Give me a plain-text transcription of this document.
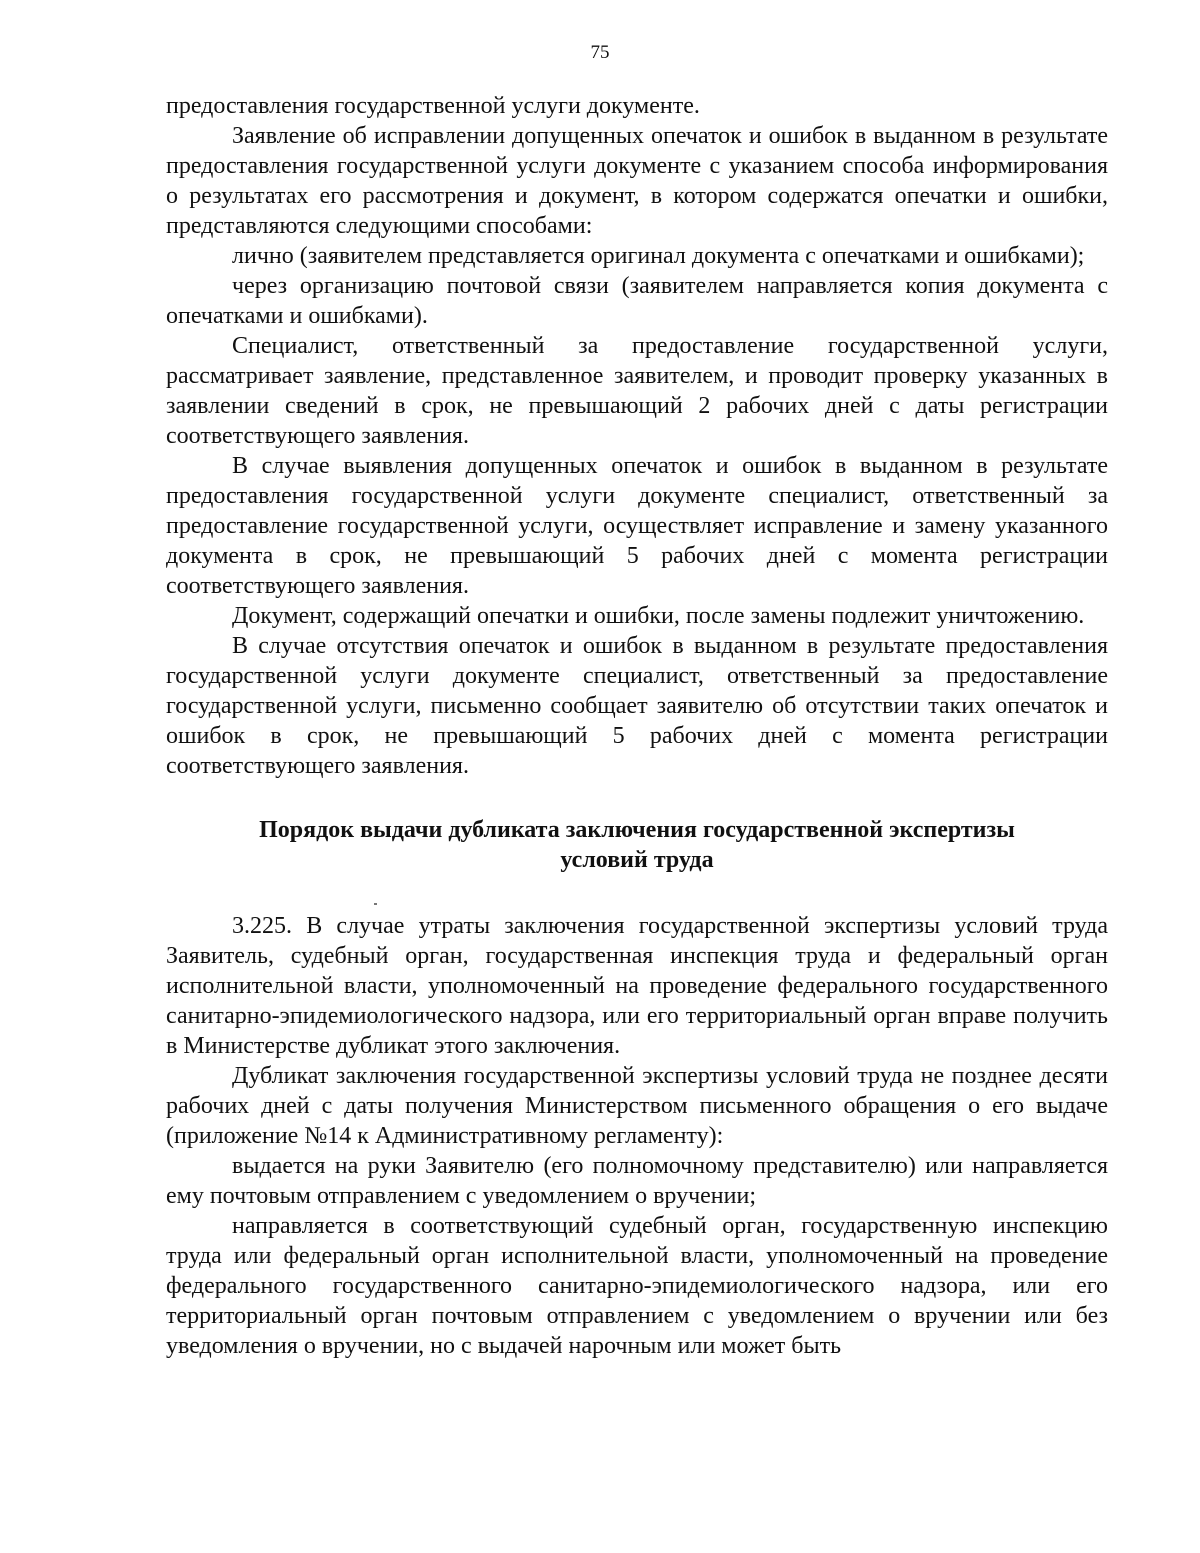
75

предоставления государственной услуги документе.

Заявление об исправлении допущенных опечаток и ошибок в выданном в результате предоставления государственной услуги документе с указанием способа информирования о результатах его рассмотрения и документ, в котором содержатся опечатки и ошибки, представляются следующими способами:

лично (заявителем представляется оригинал документа с опечатками и ошибками);

через организацию почтовой связи (заявителем направляется копия документа с опечатками и ошибками).

Специалист, ответственный за предоставление государственной услуги, рассматривает заявление, представленное заявителем, и проводит проверку указанных в заявлении сведений в срок, не превышающий 2 рабочих дней с даты регистрации соответствующего заявления.

В случае выявления допущенных опечаток и ошибок в выданном в результате предоставления государственной услуги документе специалист, ответственный за предоставление государственной услуги, осуществляет исправление и замену указанного документа в срок, не превышающий 5 рабочих дней с момента регистрации соответствующего заявления.

Документ, содержащий опечатки и ошибки, после замены подлежит уничтожению.

В случае отсутствия опечаток и ошибок в выданном в результате предоставления государственной услуги документе специалист, ответственный за предоставление государственной услуги, письменно сообщает заявителю об отсутствии таких опечаток и ошибок в срок, не превышающий 5 рабочих дней с момента регистрации соответствующего заявления.

Порядок выдачи дубликата заключения государственной экспертизы
условий труда

3.225. В случае утраты заключения государственной экспертизы условий труда Заявитель, судебный орган, государственная инспекция труда и федеральный орган исполнительной власти, уполномоченный на проведение федерального государственного санитарно-эпидемиологического надзора, или его территориальный орган вправе получить в Министерстве дубликат этого заключения.

Дубликат заключения государственной экспертизы условий труда не позднее десяти рабочих дней с даты получения Министерством письменного обращения о его выдаче (приложение №14 к Административному регламенту):

выдается на руки Заявителю (его полномочному представителю) или направляется ему почтовым отправлением с уведомлением о вручении;

направляется в соответствующий судебный орган, государственную инспекцию труда или федеральный орган исполнительной власти, уполномоченный на проведение федерального государственного санитарно-эпидемиологического надзора, или его территориальный орган почтовым отправлением с уведомлением о вручении или без уведомления о вручении, но с выдачей нарочным или может быть
